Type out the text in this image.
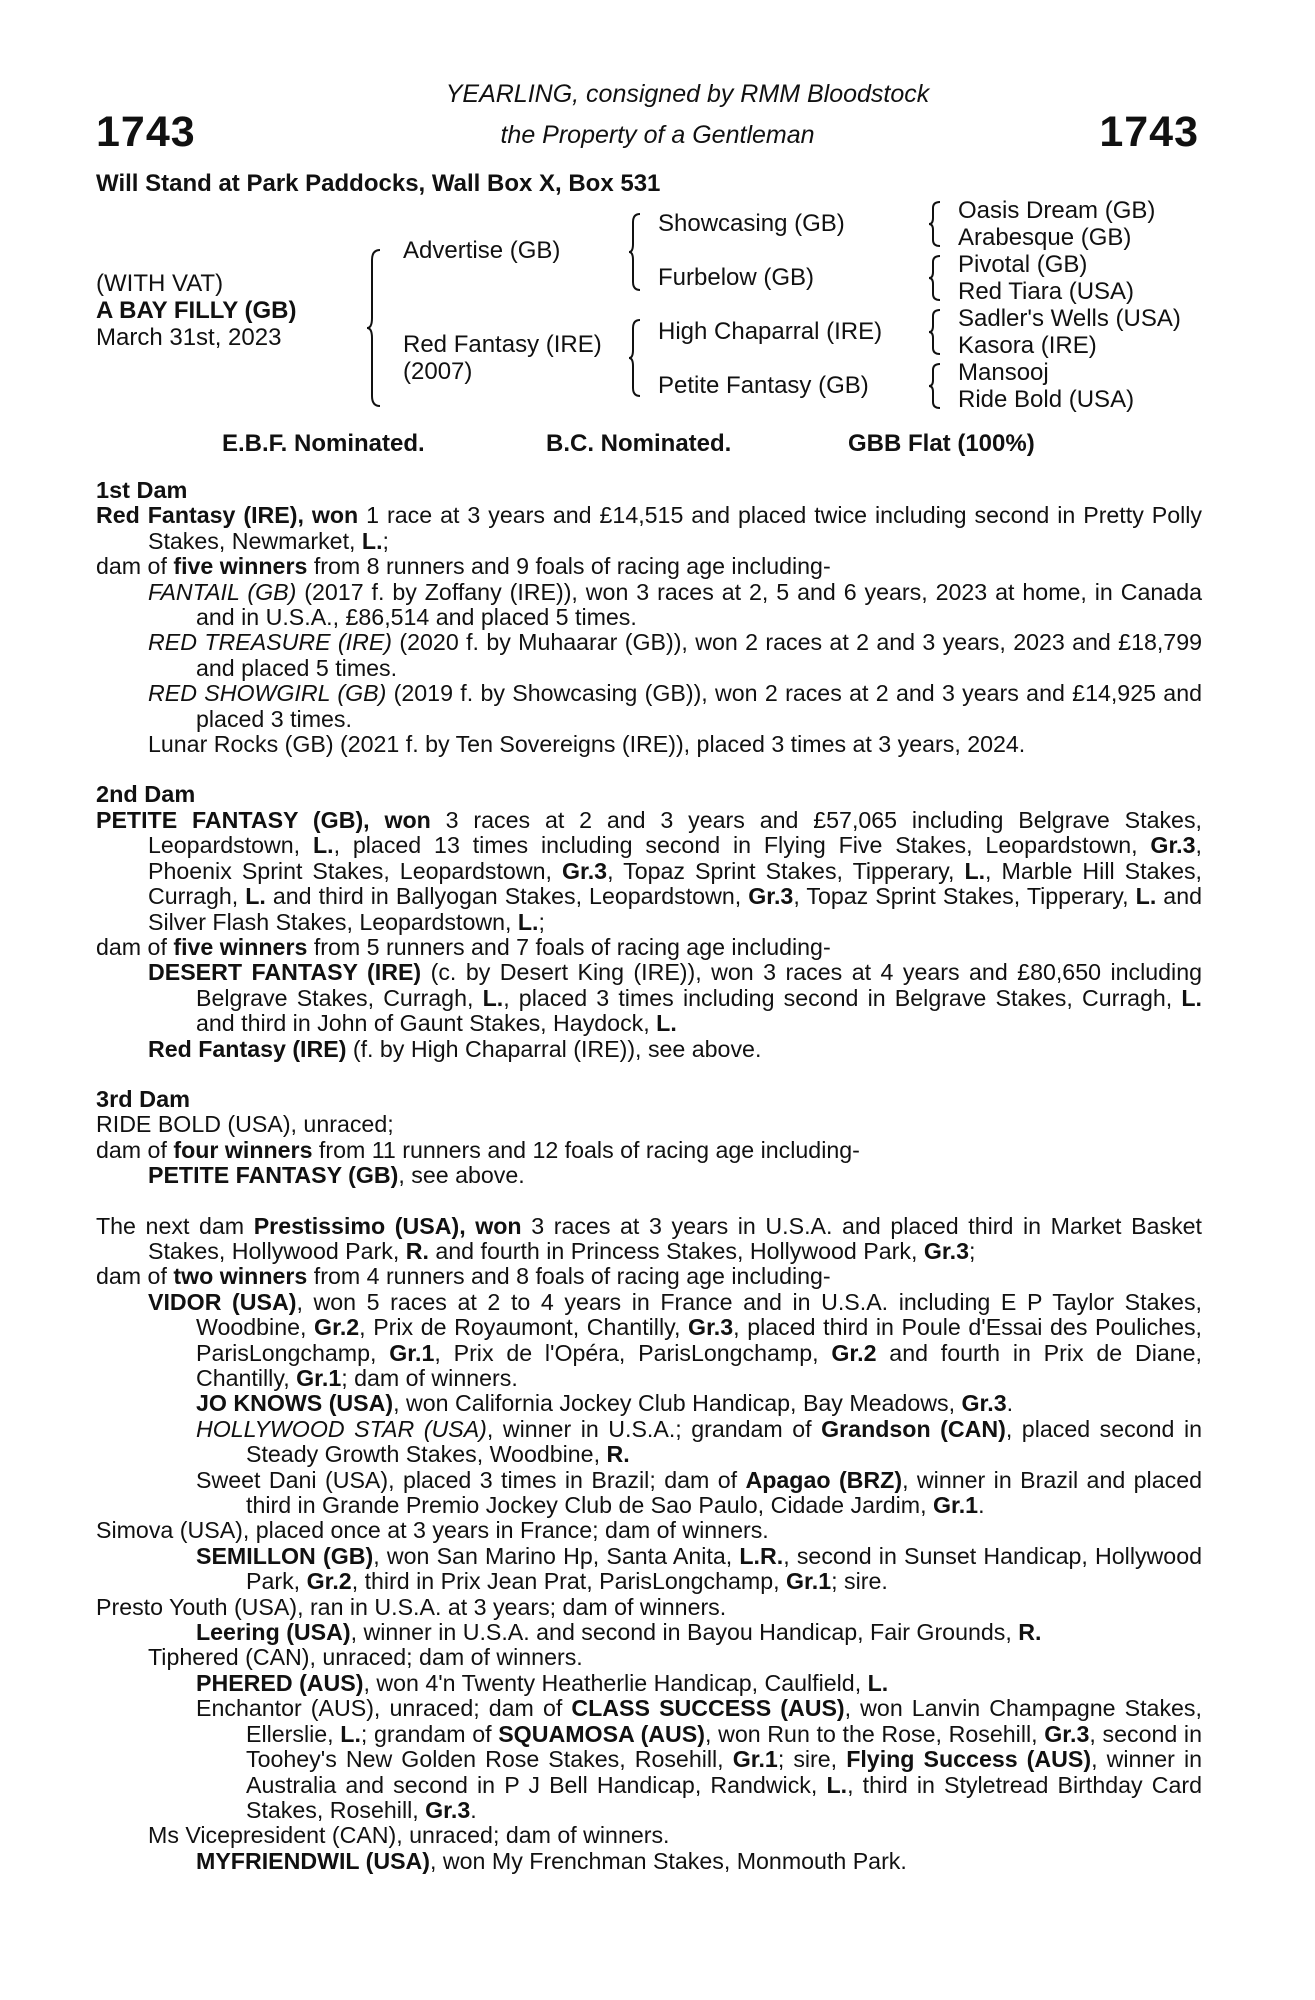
1743	1743
YEARLING, consigned by RMM Bloodstock
the Property of a Gentleman
Will Stand at Park Paddocks, Wall Box X, Box 531
(WITH VAT)
A BAY FILLY (GB)
March 31st, 2023
Advertise (GB)
Red Fantasy (IRE)
(2007)
Showcasing (GB)
Furbelow (GB)
High Chaparral (IRE)
Petite Fantasy (GB)
Oasis Dream (GB)
Arabesque (GB)
Pivotal (GB)
Red Tiara (USA)
Sadler's Wells (USA)
Kasora (IRE)
Mansooj
Ride Bold (USA)
E.B.F. Nominated.	B.C. Nominated.	GBB Flat (100%)
1st Dam
Red Fantasy (IRE), won 1 race at 3 years and £14,515 and placed twice including second in Pretty Polly Stakes, Newmarket, L.;
dam of five winners from 8 runners and 9 foals of racing age including-
FANTAIL (GB) (2017 f. by Zoffany (IRE)), won 3 races at 2, 5 and 6 years, 2023 at home, in Canada and in U.S.A., £86,514 and placed 5 times.
RED TREASURE (IRE) (2020 f. by Muhaarar (GB)), won 2 races at 2 and 3 years, 2023 and £18,799 and placed 5 times.
RED SHOWGIRL (GB) (2019 f. by Showcasing (GB)), won 2 races at 2 and 3 years and £14,925 and placed 3 times.
Lunar Rocks (GB) (2021 f. by Ten Sovereigns (IRE)), placed 3 times at 3 years, 2024.
2nd Dam
PETITE FANTASY (GB), won 3 races at 2 and 3 years and £57,065 including Belgrave Stakes, Leopardstown, L., placed 13 times including second in Flying Five Stakes, Leopardstown, Gr.3, Phoenix Sprint Stakes, Leopardstown, Gr.3, Topaz Sprint Stakes, Tipperary, L., Marble Hill Stakes, Curragh, L. and third in Ballyogan Stakes, Leopardstown, Gr.3, Topaz Sprint Stakes, Tipperary, L. and Silver Flash Stakes, Leopardstown, L.;
dam of five winners from 5 runners and 7 foals of racing age including-
DESERT FANTASY (IRE) (c. by Desert King (IRE)), won 3 races at 4 years and £80,650 including Belgrave Stakes, Curragh, L., placed 3 times including second in Belgrave Stakes, Curragh, L. and third in John of Gaunt Stakes, Haydock, L.
Red Fantasy (IRE) (f. by High Chaparral (IRE)), see above.
3rd Dam
RIDE BOLD (USA), unraced;
dam of four winners from 11 runners and 12 foals of racing age including-
PETITE FANTASY (GB), see above.
The next dam Prestissimo (USA), won 3 races at 3 years in U.S.A. and placed third in Market Basket Stakes, Hollywood Park, R. and fourth in Princess Stakes, Hollywood Park, Gr.3;
dam of two winners from 4 runners and 8 foals of racing age including-
VIDOR (USA), won 5 races at 2 to 4 years in France and in U.S.A. including E P Taylor Stakes, Woodbine, Gr.2, Prix de Royaumont, Chantilly, Gr.3, placed third in Poule d'Essai des Pouliches, ParisLongchamp, Gr.1, Prix de l'Opéra, ParisLongchamp, Gr.2 and fourth in Prix de Diane, Chantilly, Gr.1; dam of winners.
JO KNOWS (USA), won California Jockey Club Handicap, Bay Meadows, Gr.3.
HOLLYWOOD STAR (USA), winner in U.S.A.; grandam of Grandson (CAN), placed second in Steady Growth Stakes, Woodbine, R.
Sweet Dani (USA), placed 3 times in Brazil; dam of Apagao (BRZ), winner in Brazil and placed third in Grande Premio Jockey Club de Sao Paulo, Cidade Jardim, Gr.1.
Simova (USA), placed once at 3 years in France; dam of winners.
SEMILLON (GB), won San Marino Hp, Santa Anita, L.R., second in Sunset Handicap, Hollywood Park, Gr.2, third in Prix Jean Prat, ParisLongchamp, Gr.1; sire.
Presto Youth (USA), ran in U.S.A. at 3 years; dam of winners.
Leering (USA), winner in U.S.A. and second in Bayou Handicap, Fair Grounds, R.
Tiphered (CAN), unraced; dam of winners.
PHERED (AUS), won 4'n Twenty Heatherlie Handicap, Caulfield, L.
Enchantor (AUS), unraced; dam of CLASS SUCCESS (AUS), won Lanvin Champagne Stakes, Ellerslie, L.; grandam of SQUAMOSA (AUS), won Run to the Rose, Rosehill, Gr.3, second in Toohey's New Golden Rose Stakes, Rosehill, Gr.1; sire, Flying Success (AUS), winner in Australia and second in P J Bell Handicap, Randwick, L., third in Styletread Birthday Card Stakes, Rosehill, Gr.3.
Ms Vicepresident (CAN), unraced; dam of winners.
MYFRIENDWIL (USA), won My Frenchman Stakes, Monmouth Park.
